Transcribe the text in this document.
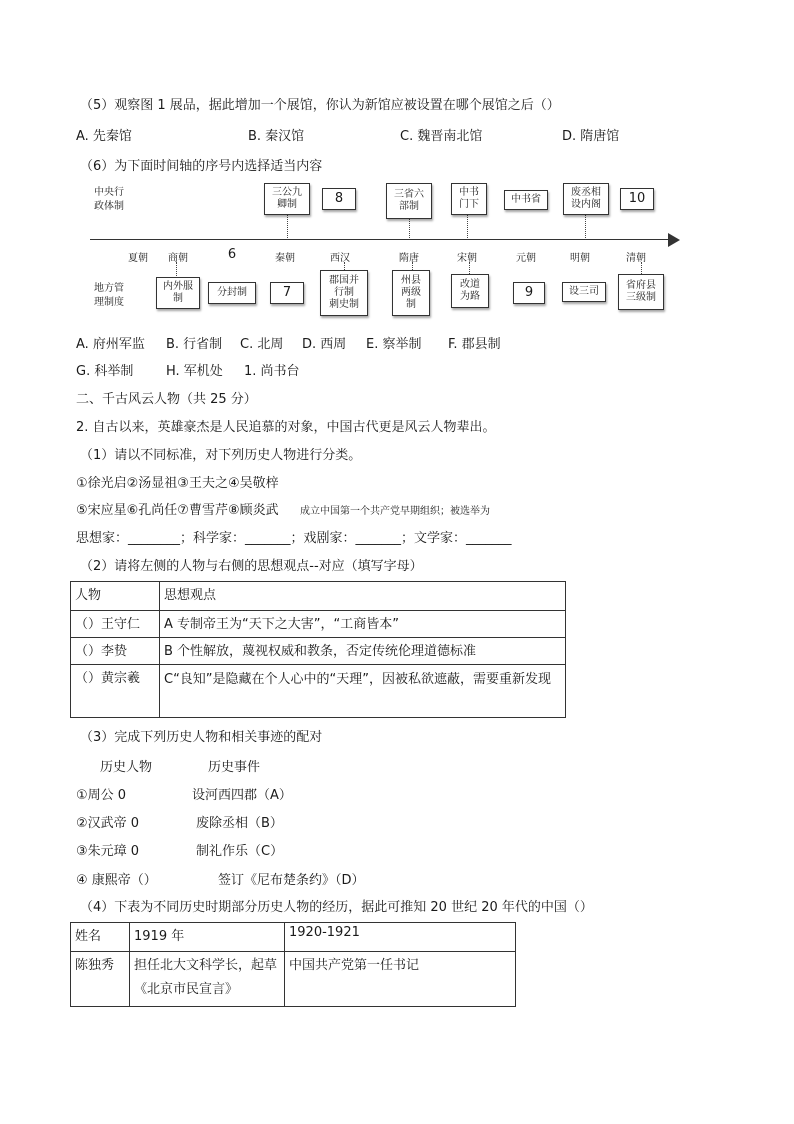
（5）观察图 1 展品，据此增加一个展馆，你认为新馆应被设置在哪个展馆之后（）
A. 先秦馆	B. 秦汉馆	C. 魏晋南北馆	D. 隋唐馆
（6）为下面时间轴的序号内选择适当内容
中央行
政体制
地方管
理制度
夏朝 商朝	6	秦朝	西汉	隋唐	宋朝	元朝	明朝	清朝
三公九
卿制	8	三省六
部制
中书
门下	中书省
废丞相
设内阁	10
内外服
制
分封制	7
郡国并
行制
刺史制
州县
两级
制
改道
为路	9	设三司
省府县
三级制
A. 府州军监 B. 行省制 C. 北周 D. 西周 E. 察举制 F. 郡县制
G. 科举制	H. 军机处 1. 尚书台
二、千古风云人物（共 25 分）
2. 自古以来，英雄豪杰是人民追慕的对象，中国古代更是风云人物辈出。
（1）请以不同标准，对下列历史人物进行分类。
①徐光启②汤显祖③王夫之④吴敬梓
⑤宋应星⑥孔尚任⑦曹雪芹⑧顾炎武 成立中国第一个共产党早期组织；被选举为
思想家：________；科学家：_______；戏剧家：_______；文学家：_______
（2）请将左侧的人物与右侧的思想观点--对应（填写字母）
人物	思想观点
（）王守仁	A 专制帝王为“天下之大害”，“工商皆本”
（）李贽	B 个性解放，蔑视权威和教条，否定传统伦理道德标准
（）黄宗羲	C“良知”是隐藏在个人心中的“天理”，因被私欲遮蔽，需要重新发现
（3）完成下列历史人物和相关事迹的配对
历史人物	历史事件
①周公 0	设河西四郡（A）
②汉武帝 0	废除丞相（B）
③朱元璋 0	制礼作乐（C）
④ 康熙帝（）	签订《尼布楚条约》（D）
（4）下表为不同历史时期部分历史人物的经历，据此可推知 20 世纪 20 年代的中国（）
姓名	1919 年	1920-1921
陈独秀	担任北大文科学长，起草《北京市民宣言》	中国共产党第一任书记
